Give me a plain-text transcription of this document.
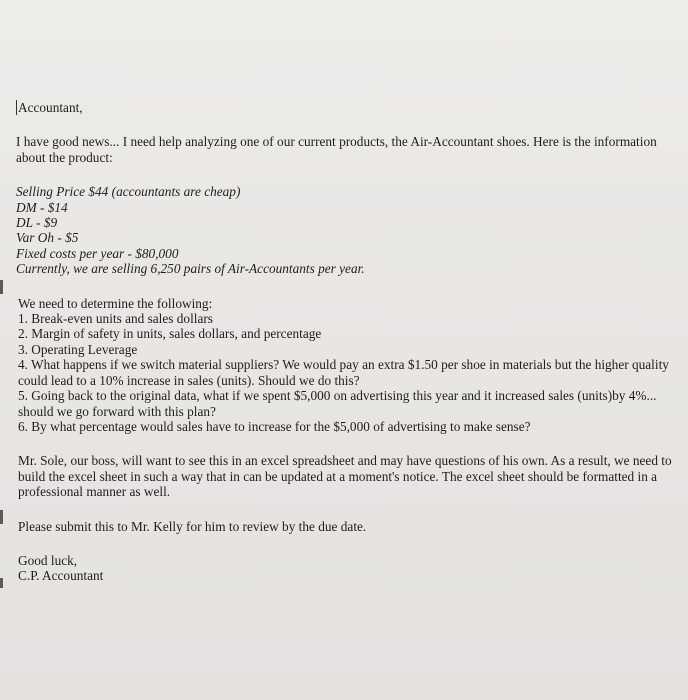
Accountant,

I have good news... I need help analyzing one of our current products, the Air-Accountant shoes. Here is the information about the product:

Selling Price $44 (accountants are cheap)

DM - $14

DL - $9

Var Oh - $5

Fixed costs per year - $80,000

Currently, we are selling 6,250 pairs of Air-Accountants per year.

We need to determine the following:

1. Break-even units and sales dollars

2. Margin of safety in units, sales dollars, and percentage

3. Operating Leverage

4. What happens if we switch material suppliers? We would pay an extra $1.50 per shoe in materials but the higher quality could lead to a 10% increase in sales (units). Should we do this?

5. Going back to the original data, what if we spent $5,000 on advertising this year and it increased sales (units)by 4%... should we go forward with this plan?

6. By what percentage would sales have to increase for the $5,000 of advertising to make sense?

Mr. Sole, our boss, will want to see this in an excel spreadsheet and may have questions of his own. As a result, we need to build the excel sheet in such a way that in can be updated at a moment's notice. The excel sheet should be formatted in a professional manner as well.

Please submit this to Mr. Kelly for him to review by the due date.

Good luck,

C.P. Accountant
